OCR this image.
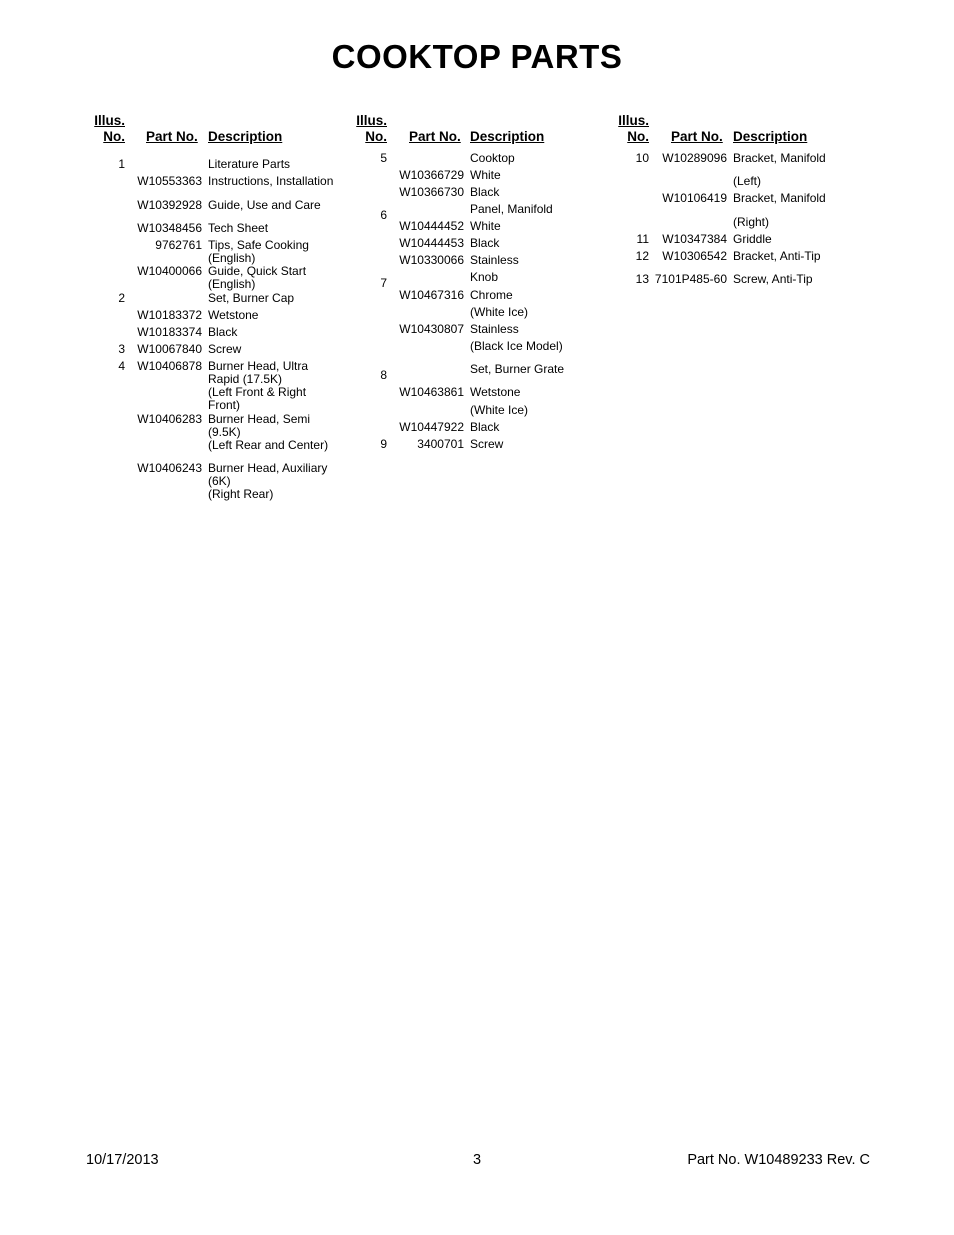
COOKTOP PARTS
Illus.
No. Part No. Description
1	Literature Parts
W10553363 Instructions, Installation
W10392928 Guide, Use and Care
W10348456 Tech Sheet
9762761 Tips, Safe Cooking
(English)
W10400066 Guide, Quick Start
(English)
2	Set, Burner Cap
W10183372 Wetstone
W10183374 Black
3	W10067840 Screw
4	W10406878 Burner Head, Ultra
Rapid (17.5K)
(Left Front & Right
Front)
W10406283 Burner Head, Semi
(9.5K)
(Left Rear and Center)
W10406243 Burner Head, Auxiliary
(6K)
(Right Rear)
Illus.
No. Part No. Description
5	Cooktop
W10366729 White
W10366730 Black
6	Panel, Manifold
W10444452 White
W10444453 Black
W10330066 Stainless
7	Knob
W10467316 Chrome
(White Ice)
W10430807 Stainless
(Black Ice Model)
8	Set, Burner Grate
W10463861 Wetstone
(White Ice)
W10447922 Black
9	3400701 Screw
Illus.
No. Part No. Description
10	W10289096 Bracket, Manifold
(Left)
W10106419 Bracket, Manifold
(Right)
11	W10347384 Griddle
12	W10306542 Bracket, Anti-Tip
13 7101P485-60 Screw, Anti-Tip
10/17/2013	3	Part No. W10489233 Rev. C
